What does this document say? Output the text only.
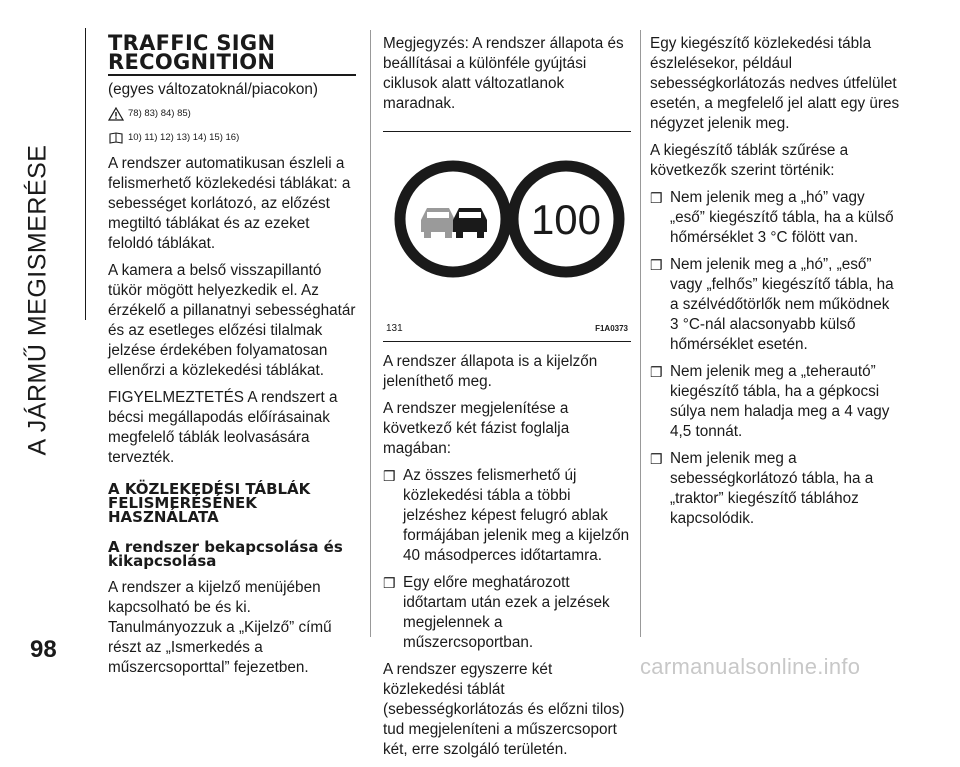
A JÁRMŰ MEGISMERÉSE
TRAFFIC SIGN
RECOGNITION
(egyes változatoknál/piacokon)
78) 83) 84) 85)
10) 11) 12) 13) 14) 15) 16)

A rendszer automatikusan észleli a felismerhető közlekedési táblákat: a sebességet korlátozó, az előzést megtiltó táblákat és az ezeket feloldó táblákat.

A kamera a belső visszapillantó tükör mögött helyezkedik el. Az érzékelő a pillanatnyi sebességhatár és az esetleges előzési tilalmak jelzése érdekében folyamatosan ellenőrzi a közlekedési táblákat.

FIGYELMEZTETÉS A rendszert a bécsi megállapodás előírásainak megfelelő táblák leolvasására tervezték.

A KÖZLEKEDÉSI TÁBLÁK FELISMERÉSÉNEK HASZNÁLATA
A rendszer bekapcsolása és kikapcsolása

A rendszer a kijelző menüjében kapcsolható be és ki. Tanulmányozzuk a „Kijelző” című részt az „Ismerkedés a műszercsoporttal” fejezetben.

Megjegyzés: A rendszer állapota és beállításai a különféle gyújtási ciklusok alatt változatlanok maradnak.

100
131	F1A0373

A rendszer állapota is a kijelzőn jeleníthető meg.

A rendszer megjelenítése a következő két fázist foglalja magában:

❒ Az összes felismerhető új közlekedési tábla a többi jelzéshez képest felugró ablak formájában jelenik meg a kijelzőn 40 másodperces időtartamra.
❒ Egy előre meghatározott időtartam után ezek a jelzések megjelennek a műszercsoportban.

A rendszer egyszerre két közlekedési táblát (sebességkorlátozás és előzni tilos) tud megjeleníteni a műszercsoport két, erre szolgáló területén.

Egy kiegészítő közlekedési tábla észlelésekor, például sebességkorlátozás nedves útfelület esetén, a megfelelő jel alatt egy üres négyzet jelenik meg.

A kiegészítő táblák szűrése a következők szerint történik:

❒ Nem jelenik meg a „hó” vagy „eső” kiegészítő tábla, ha a külső hőmérséklet 3 °C fölött van.
❒ Nem jelenik meg a „hó”, „eső” vagy „felhős” kiegészítő tábla, ha a szélvédőtörlők nem működnek 3 °C-nál alacsonyabb külső hőmérséklet esetén.
❒ Nem jelenik meg a „teherautó” kiegészítő tábla, ha a gépkocsi súlya nem haladja meg a 4 vagy 4,5 tonnát.
❒ Nem jelenik meg a sebességkorlátozó tábla, ha a „traktor” kiegészítő táblához kapcsolódik.
98
carmanualsonline.info
